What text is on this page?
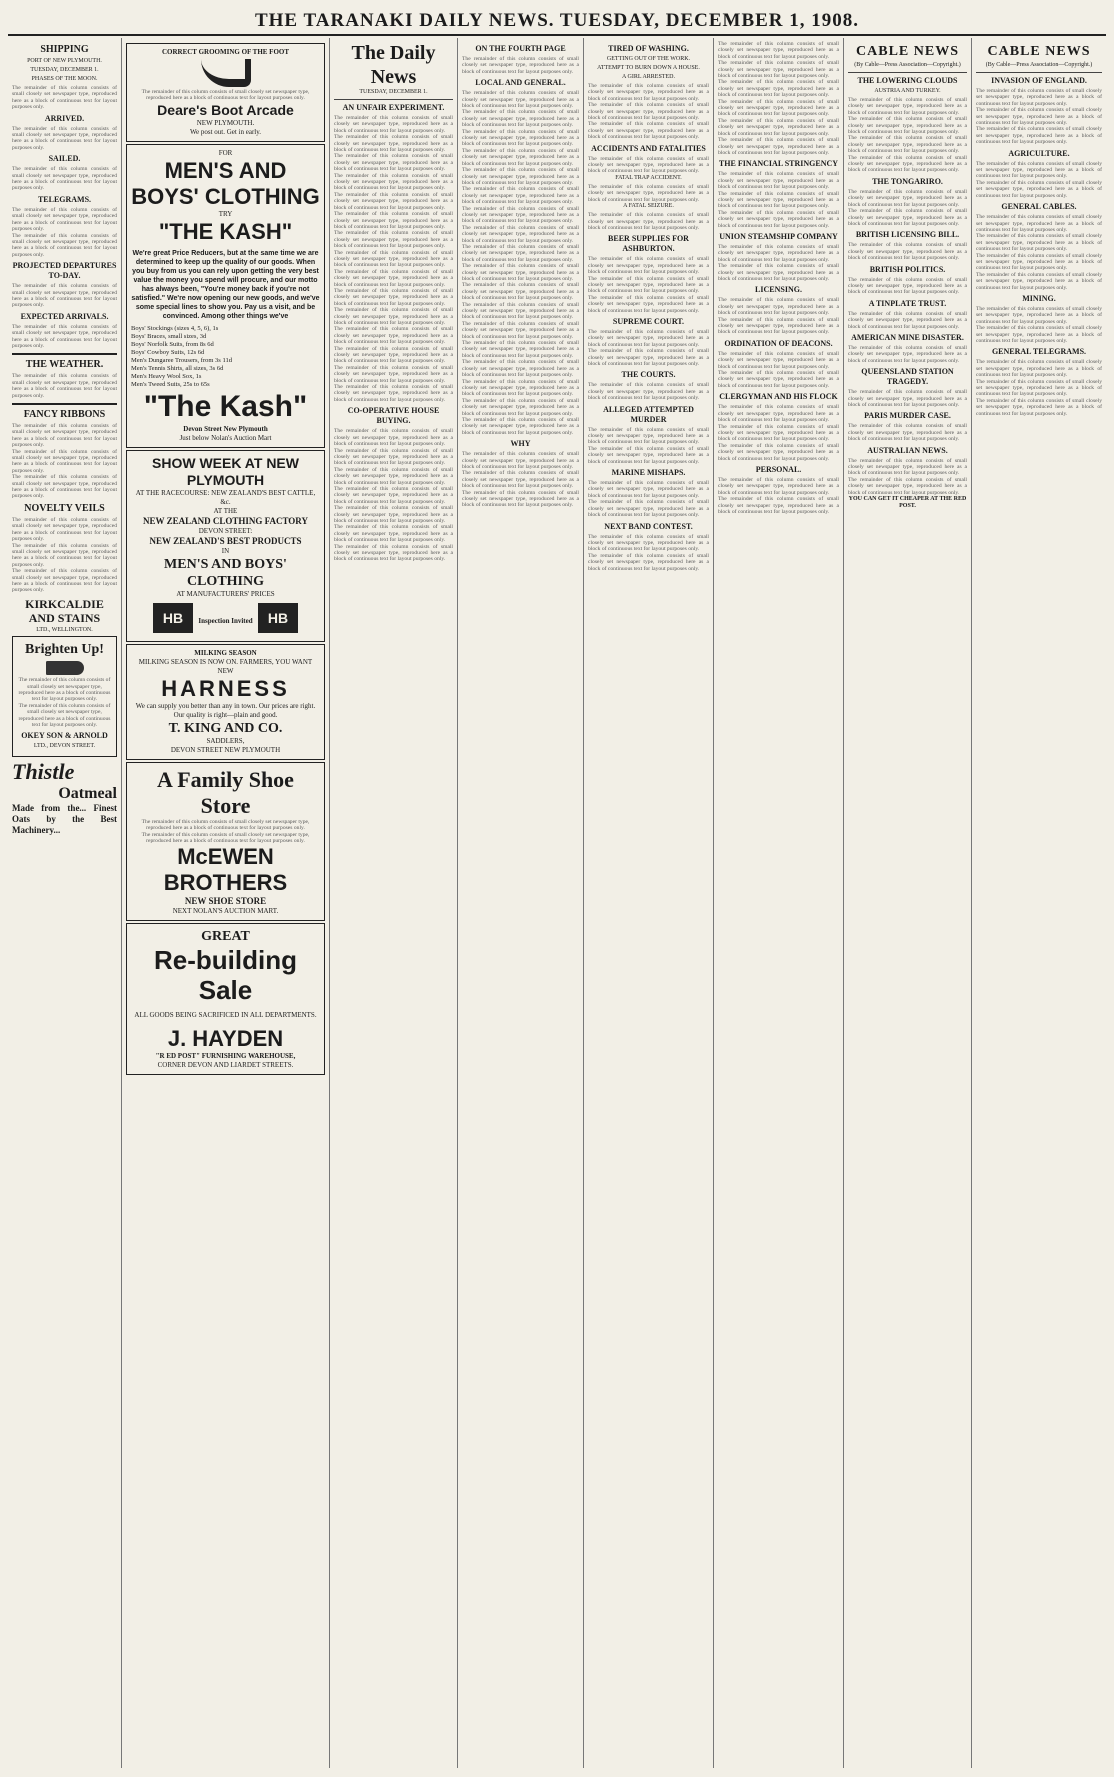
THE TARANAKI DAILY NEWS. TUESDAY, DECEMBER 1, 1908.
SHIPPING
PORT OF NEW PLYMOUTH.
TUESDAY, DECEMBER 1.
PHASES OF THE MOON.

The remainder of this column consists of small closely set newspaper type, reproduced here as a block of continuous text for layout purposes only.

ARRIVED.

The remainder of this column consists of small closely set newspaper type, reproduced here as a block of continuous text for layout purposes only.

SAILED.

The remainder of this column consists of small closely set newspaper type, reproduced here as a block of continuous text for layout purposes only.

TELEGRAMS.

The remainder of this column consists of small closely set newspaper type, reproduced here as a block of continuous text for layout purposes only.

The remainder of this column consists of small closely set newspaper type, reproduced here as a block of continuous text for layout purposes only.

PROJECTED DEPARTURES TO-DAY.

The remainder of this column consists of small closely set newspaper type, reproduced here as a block of continuous text for layout purposes only.

EXPECTED ARRIVALS.

The remainder of this column consists of small closely set newspaper type, reproduced here as a block of continuous text for layout purposes only.

THE WEATHER.

The remainder of this column consists of small closely set newspaper type, reproduced here as a block of continuous text for layout purposes only.

FANCY RIBBONS

The remainder of this column consists of small closely set newspaper type, reproduced here as a block of continuous text for layout purposes only.

The remainder of this column consists of small closely set newspaper type, reproduced here as a block of continuous text for layout purposes only.

The remainder of this column consists of small closely set newspaper type, reproduced here as a block of continuous text for layout purposes only.

NOVELTY VEILS

The remainder of this column consists of small closely set newspaper type, reproduced here as a block of continuous text for layout purposes only.

The remainder of this column consists of small closely set newspaper type, reproduced here as a block of continuous text for layout purposes only.

The remainder of this column consists of small closely set newspaper type, reproduced here as a block of continuous text for layout purposes only.

KIRKCALDIE AND STAINS
LTD., WELLINGTON.
Brighten Up!

The remainder of this column consists of small closely set newspaper type, reproduced here as a block of continuous text for layout purposes only.

The remainder of this column consists of small closely set newspaper type, reproduced here as a block of continuous text for layout purposes only.

OKEY SON & ARNOLD
LTD., DEVON STREET.
Thistle
Oatmeal
Made from the... Finest Oats by the Best Machinery...
CORRECT GROOMING OF THE FOOT

The remainder of this column consists of small closely set newspaper type, reproduced here as a block of continuous text for layout purposes only.

Deare's Boot Arcade
NEW PLYMOUTH.
We post out. Get in early.
FOR
MEN'S AND BOYS' CLOTHING
TRY
"THE KASH"

We're great Price Reducers, but at the same time we are determined to keep up the quality of our goods. When you buy from us you can rely upon getting the very best value the money you spend will procure, and our motto has always been, "You're money back if you're not satisfied." We're now opening our new goods, and we've some special lines to show you. Pay us a visit, and be convinced. Among other things we've

Boys' Stockings (sizes 4, 5, 6), 1s
Boys' Braces, small sizes, 3d
Boys' Norfolk Suits, from 8s 6d
Boys' Cowboy Suits, 12s 6d
Men's Dungaree Trousers, from 3s 11d
Men's Tennis Shirts, all sizes, 3s 6d
Men's Heavy Wool Sox, 1s
Men's Tweed Suits, 25s to 65s
"The Kash"
Devon Street New Plymouth
Just below Nolan's Auction Mart
SHOW WEEK AT NEW PLYMOUTH
AT THE RACECOURSE: NEW ZEALAND'S BEST CATTLE, &c.
AT THE
NEW ZEALAND CLOTHING FACTORY
DEVON STREET:
NEW ZEALAND'S BEST PRODUCTS
IN
MEN'S AND BOYS' CLOTHING
AT MANUFACTURERS' PRICES
HB Inspection Invited HB
MILKING SEASON
MILKING SEASON IS NOW ON. FARMERS, YOU WANT NEW
HARNESS
We can supply you better than any in town. Our prices are right. Our quality is right—plain and good.
T. KING AND CO.
SADDLERS,
DEVON STREET NEW PLYMOUTH
A Family Shoe Store

The remainder of this column consists of small closely set newspaper type, reproduced here as a block of continuous text for layout purposes only.

The remainder of this column consists of small closely set newspaper type, reproduced here as a block of continuous text for layout purposes only.

McEWEN BROTHERS
NEW SHOE STORE
NEXT NOLAN'S AUCTION MART.
GREAT
Re-building Sale
ALL GOODS BEING SACRIFICED IN ALL DEPARTMENTS.
J. HAYDEN
"R ED POST" FURNISHING WAREHOUSE,
CORNER DEVON AND LIARDET STREETS.
The Daily News
TUESDAY, DECEMBER 1.
AN UNFAIR EXPERIMENT.

The remainder of this column consists of small closely set newspaper type, reproduced here as a block of continuous text for layout purposes only.

The remainder of this column consists of small closely set newspaper type, reproduced here as a block of continuous text for layout purposes only.

The remainder of this column consists of small closely set newspaper type, reproduced here as a block of continuous text for layout purposes only.

The remainder of this column consists of small closely set newspaper type, reproduced here as a block of continuous text for layout purposes only.

The remainder of this column consists of small closely set newspaper type, reproduced here as a block of continuous text for layout purposes only.

The remainder of this column consists of small closely set newspaper type, reproduced here as a block of continuous text for layout purposes only.

The remainder of this column consists of small closely set newspaper type, reproduced here as a block of continuous text for layout purposes only.

The remainder of this column consists of small closely set newspaper type, reproduced here as a block of continuous text for layout purposes only.

The remainder of this column consists of small closely set newspaper type, reproduced here as a block of continuous text for layout purposes only.

The remainder of this column consists of small closely set newspaper type, reproduced here as a block of continuous text for layout purposes only.

The remainder of this column consists of small closely set newspaper type, reproduced here as a block of continuous text for layout purposes only.

The remainder of this column consists of small closely set newspaper type, reproduced here as a block of continuous text for layout purposes only.

The remainder of this column consists of small closely set newspaper type, reproduced here as a block of continuous text for layout purposes only.

The remainder of this column consists of small closely set newspaper type, reproduced here as a block of continuous text for layout purposes only.

The remainder of this column consists of small closely set newspaper type, reproduced here as a block of continuous text for layout purposes only.

CO-OPERATIVE HOUSE BUYING.

The remainder of this column consists of small closely set newspaper type, reproduced here as a block of continuous text for layout purposes only.

The remainder of this column consists of small closely set newspaper type, reproduced here as a block of continuous text for layout purposes only.

The remainder of this column consists of small closely set newspaper type, reproduced here as a block of continuous text for layout purposes only.

The remainder of this column consists of small closely set newspaper type, reproduced here as a block of continuous text for layout purposes only.

The remainder of this column consists of small closely set newspaper type, reproduced here as a block of continuous text for layout purposes only.

The remainder of this column consists of small closely set newspaper type, reproduced here as a block of continuous text for layout purposes only.

The remainder of this column consists of small closely set newspaper type, reproduced here as a block of continuous text for layout purposes only.

ON THE FOURTH PAGE

The remainder of this column consists of small closely set newspaper type, reproduced here as a block of continuous text for layout purposes only.

LOCAL AND GENERAL.

The remainder of this column consists of small closely set newspaper type, reproduced here as a block of continuous text for layout purposes only.

The remainder of this column consists of small closely set newspaper type, reproduced here as a block of continuous text for layout purposes only.

The remainder of this column consists of small closely set newspaper type, reproduced here as a block of continuous text for layout purposes only.

The remainder of this column consists of small closely set newspaper type, reproduced here as a block of continuous text for layout purposes only.

The remainder of this column consists of small closely set newspaper type, reproduced here as a block of continuous text for layout purposes only.

The remainder of this column consists of small closely set newspaper type, reproduced here as a block of continuous text for layout purposes only.

The remainder of this column consists of small closely set newspaper type, reproduced here as a block of continuous text for layout purposes only.

The remainder of this column consists of small closely set newspaper type, reproduced here as a block of continuous text for layout purposes only.

The remainder of this column consists of small closely set newspaper type, reproduced here as a block of continuous text for layout purposes only.

The remainder of this column consists of small closely set newspaper type, reproduced here as a block of continuous text for layout purposes only.

The remainder of this column consists of small closely set newspaper type, reproduced here as a block of continuous text for layout purposes only.

The remainder of this column consists of small closely set newspaper type, reproduced here as a block of continuous text for layout purposes only.

The remainder of this column consists of small closely set newspaper type, reproduced here as a block of continuous text for layout purposes only.

The remainder of this column consists of small closely set newspaper type, reproduced here as a block of continuous text for layout purposes only.

The remainder of this column consists of small closely set newspaper type, reproduced here as a block of continuous text for layout purposes only.

The remainder of this column consists of small closely set newspaper type, reproduced here as a block of continuous text for layout purposes only.

The remainder of this column consists of small closely set newspaper type, reproduced here as a block of continuous text for layout purposes only.

The remainder of this column consists of small closely set newspaper type, reproduced here as a block of continuous text for layout purposes only.

WHY

The remainder of this column consists of small closely set newspaper type, reproduced here as a block of continuous text for layout purposes only.

The remainder of this column consists of small closely set newspaper type, reproduced here as a block of continuous text for layout purposes only.

The remainder of this column consists of small closely set newspaper type, reproduced here as a block of continuous text for layout purposes only.

TIRED OF WASHING.
GETTING OUT OF THE WORK.
ATTEMPT TO BURN DOWN A HOUSE.
A GIRL ARRESTED.

The remainder of this column consists of small closely set newspaper type, reproduced here as a block of continuous text for layout purposes only.

The remainder of this column consists of small closely set newspaper type, reproduced here as a block of continuous text for layout purposes only.

The remainder of this column consists of small closely set newspaper type, reproduced here as a block of continuous text for layout purposes only.

ACCIDENTS AND FATALITIES

The remainder of this column consists of small closely set newspaper type, reproduced here as a block of continuous text for layout purposes only.

FATAL TRAP ACCIDENT.

The remainder of this column consists of small closely set newspaper type, reproduced here as a block of continuous text for layout purposes only.

A FATAL SEIZURE.

The remainder of this column consists of small closely set newspaper type, reproduced here as a block of continuous text for layout purposes only.

BEER SUPPLIES FOR ASHBURTON.

The remainder of this column consists of small closely set newspaper type, reproduced here as a block of continuous text for layout purposes only.

The remainder of this column consists of small closely set newspaper type, reproduced here as a block of continuous text for layout purposes only.

The remainder of this column consists of small closely set newspaper type, reproduced here as a block of continuous text for layout purposes only.

SUPREME COURT.

The remainder of this column consists of small closely set newspaper type, reproduced here as a block of continuous text for layout purposes only.

The remainder of this column consists of small closely set newspaper type, reproduced here as a block of continuous text for layout purposes only.

THE COURTS.

The remainder of this column consists of small closely set newspaper type, reproduced here as a block of continuous text for layout purposes only.

ALLEGED ATTEMPTED MURDER

The remainder of this column consists of small closely set newspaper type, reproduced here as a block of continuous text for layout purposes only.

The remainder of this column consists of small closely set newspaper type, reproduced here as a block of continuous text for layout purposes only.

MARINE MISHAPS.

The remainder of this column consists of small closely set newspaper type, reproduced here as a block of continuous text for layout purposes only.

The remainder of this column consists of small closely set newspaper type, reproduced here as a block of continuous text for layout purposes only.

NEXT BAND CONTEST.

The remainder of this column consists of small closely set newspaper type, reproduced here as a block of continuous text for layout purposes only.

The remainder of this column consists of small closely set newspaper type, reproduced here as a block of continuous text for layout purposes only.

The remainder of this column consists of small closely set newspaper type, reproduced here as a block of continuous text for layout purposes only.

The remainder of this column consists of small closely set newspaper type, reproduced here as a block of continuous text for layout purposes only.

The remainder of this column consists of small closely set newspaper type, reproduced here as a block of continuous text for layout purposes only.

The remainder of this column consists of small closely set newspaper type, reproduced here as a block of continuous text for layout purposes only.

The remainder of this column consists of small closely set newspaper type, reproduced here as a block of continuous text for layout purposes only.

The remainder of this column consists of small closely set newspaper type, reproduced here as a block of continuous text for layout purposes only.

THE FINANCIAL STRINGENCY

The remainder of this column consists of small closely set newspaper type, reproduced here as a block of continuous text for layout purposes only.

The remainder of this column consists of small closely set newspaper type, reproduced here as a block of continuous text for layout purposes only.

The remainder of this column consists of small closely set newspaper type, reproduced here as a block of continuous text for layout purposes only.

UNION STEAMSHIP COMPANY

The remainder of this column consists of small closely set newspaper type, reproduced here as a block of continuous text for layout purposes only.

The remainder of this column consists of small closely set newspaper type, reproduced here as a block of continuous text for layout purposes only.

LICENSING.

The remainder of this column consists of small closely set newspaper type, reproduced here as a block of continuous text for layout purposes only.

The remainder of this column consists of small closely set newspaper type, reproduced here as a block of continuous text for layout purposes only.

ORDINATION OF DEACONS.

The remainder of this column consists of small closely set newspaper type, reproduced here as a block of continuous text for layout purposes only.

The remainder of this column consists of small closely set newspaper type, reproduced here as a block of continuous text for layout purposes only.

CLERGYMAN AND HIS FLOCK

The remainder of this column consists of small closely set newspaper type, reproduced here as a block of continuous text for layout purposes only.

The remainder of this column consists of small closely set newspaper type, reproduced here as a block of continuous text for layout purposes only.

The remainder of this column consists of small closely set newspaper type, reproduced here as a block of continuous text for layout purposes only.

PERSONAL.

The remainder of this column consists of small closely set newspaper type, reproduced here as a block of continuous text for layout purposes only.

The remainder of this column consists of small closely set newspaper type, reproduced here as a block of continuous text for layout purposes only.

CABLE NEWS
(By Cable—Press Association—Copyright.)
THE LOWERING CLOUDS
AUSTRIA AND TURKEY.

The remainder of this column consists of small closely set newspaper type, reproduced here as a block of continuous text for layout purposes only.

The remainder of this column consists of small closely set newspaper type, reproduced here as a block of continuous text for layout purposes only.

The remainder of this column consists of small closely set newspaper type, reproduced here as a block of continuous text for layout purposes only.

The remainder of this column consists of small closely set newspaper type, reproduced here as a block of continuous text for layout purposes only.

THE TONGARIRO.

The remainder of this column consists of small closely set newspaper type, reproduced here as a block of continuous text for layout purposes only.

The remainder of this column consists of small closely set newspaper type, reproduced here as a block of continuous text for layout purposes only.

BRITISH LICENSING BILL.

The remainder of this column consists of small closely set newspaper type, reproduced here as a block of continuous text for layout purposes only.

BRITISH POLITICS.

The remainder of this column consists of small closely set newspaper type, reproduced here as a block of continuous text for layout purposes only.

A TINPLATE TRUST.

The remainder of this column consists of small closely set newspaper type, reproduced here as a block of continuous text for layout purposes only.

AMERICAN MINE DISASTER.

The remainder of this column consists of small closely set newspaper type, reproduced here as a block of continuous text for layout purposes only.

QUEENSLAND STATION TRAGEDY.

The remainder of this column consists of small closely set newspaper type, reproduced here as a block of continuous text for layout purposes only.

PARIS MURDER CASE.

The remainder of this column consists of small closely set newspaper type, reproduced here as a block of continuous text for layout purposes only.

AUSTRALIAN NEWS.

The remainder of this column consists of small closely set newspaper type, reproduced here as a block of continuous text for layout purposes only.

The remainder of this column consists of small closely set newspaper type, reproduced here as a block of continuous text for layout purposes only.

YOU CAN GET IT CHEAPER AT THE RED POST.
CABLE NEWS
(By Cable—Press Association—Copyright.)
INVASION OF ENGLAND.

The remainder of this column consists of small closely set newspaper type, reproduced here as a block of continuous text for layout purposes only.

The remainder of this column consists of small closely set newspaper type, reproduced here as a block of continuous text for layout purposes only.

The remainder of this column consists of small closely set newspaper type, reproduced here as a block of continuous text for layout purposes only.

AGRICULTURE.

The remainder of this column consists of small closely set newspaper type, reproduced here as a block of continuous text for layout purposes only.

The remainder of this column consists of small closely set newspaper type, reproduced here as a block of continuous text for layout purposes only.

GENERAL CABLES.

The remainder of this column consists of small closely set newspaper type, reproduced here as a block of continuous text for layout purposes only.

The remainder of this column consists of small closely set newspaper type, reproduced here as a block of continuous text for layout purposes only.

The remainder of this column consists of small closely set newspaper type, reproduced here as a block of continuous text for layout purposes only.

The remainder of this column consists of small closely set newspaper type, reproduced here as a block of continuous text for layout purposes only.

MINING.

The remainder of this column consists of small closely set newspaper type, reproduced here as a block of continuous text for layout purposes only.

The remainder of this column consists of small closely set newspaper type, reproduced here as a block of continuous text for layout purposes only.

GENERAL TELEGRAMS.

The remainder of this column consists of small closely set newspaper type, reproduced here as a block of continuous text for layout purposes only.

The remainder of this column consists of small closely set newspaper type, reproduced here as a block of continuous text for layout purposes only.

The remainder of this column consists of small closely set newspaper type, reproduced here as a block of continuous text for layout purposes only.
